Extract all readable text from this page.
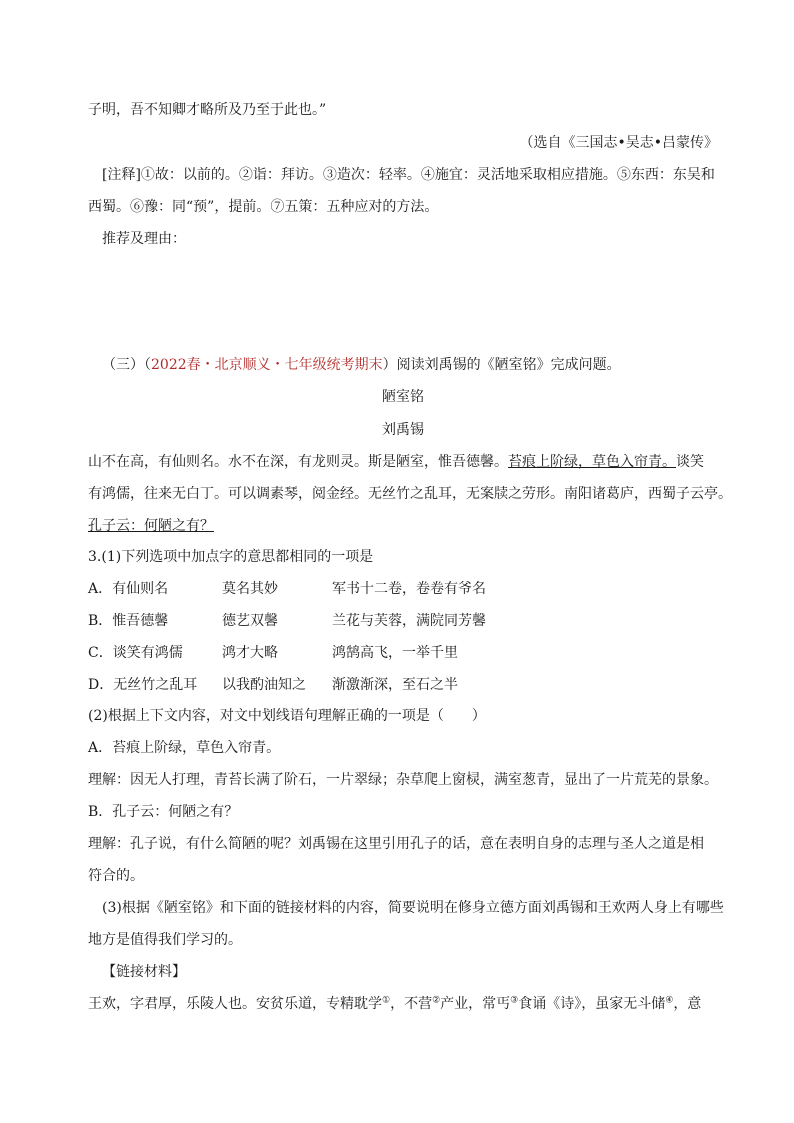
子明，吾不知卿才略所及乃至于此也。”

（选自《三国志•吴志•吕蒙传》

[注释]①故：以前的。②诣：拜访。③造次：轻率。④施宜：灵活地采取相应措施。⑤东西：东吴和

西蜀。⑥豫：同“预”，提前。⑦五策：五种应对的方法。

推荐及理由：

（三）（2022春・北京顺义・七年级统考期末）阅读刘禹锡的《陋室铭》完成问题。

陋室铭

刘禹锡

山不在高，有仙则名。水不在深，有龙则灵。斯是陋室，惟吾德馨。苔痕上阶绿，草色入帘青。谈笑

有鸿儒，往来无白丁。可以调素琴，阅金经。无丝竹之乱耳，无案牍之劳形。南阳诸葛庐，西蜀子云亭。

孔子云：何陋之有？

3.(1)下列选项中加点字的意思都相同的一项是

A．有仙则名	莫名其妙	军书十二卷，卷卷有爷名
B．惟吾德馨	德艺双馨	兰花与芙蓉，满院同芳馨
C．谈笑有鸿儒	鸿才大略	鸿鹄高飞，一举千里
D．无丝竹之乱耳	以我酌油知之	渐激渐深，至石之半

(2)根据上下文内容，对文中划线语句理解正确的一项是（　　）

A．苔痕上阶绿，草色入帘青。

理解：因无人打理，青苔长满了阶石，一片翠绿；杂草爬上窗棂，满室葱青，显出了一片荒芜的景象。

B．孔子云：何陋之有？

理解：孔子说，有什么简陋的呢？刘禹锡在这里引用孔子的话，意在表明自身的志理与圣人之道是相

符合的。

(3)根据《陋室铭》和下面的链接材料的内容，简要说明在修身立德方面刘禹锡和王欢两人身上有哪些

地方是值得我们学习的。

【链接材料】

王欢，字君厚，乐陵人也。安贫乐道，专精耽学①，不营②产业，常丐③食诵《诗》，虽家无斗储④，意
